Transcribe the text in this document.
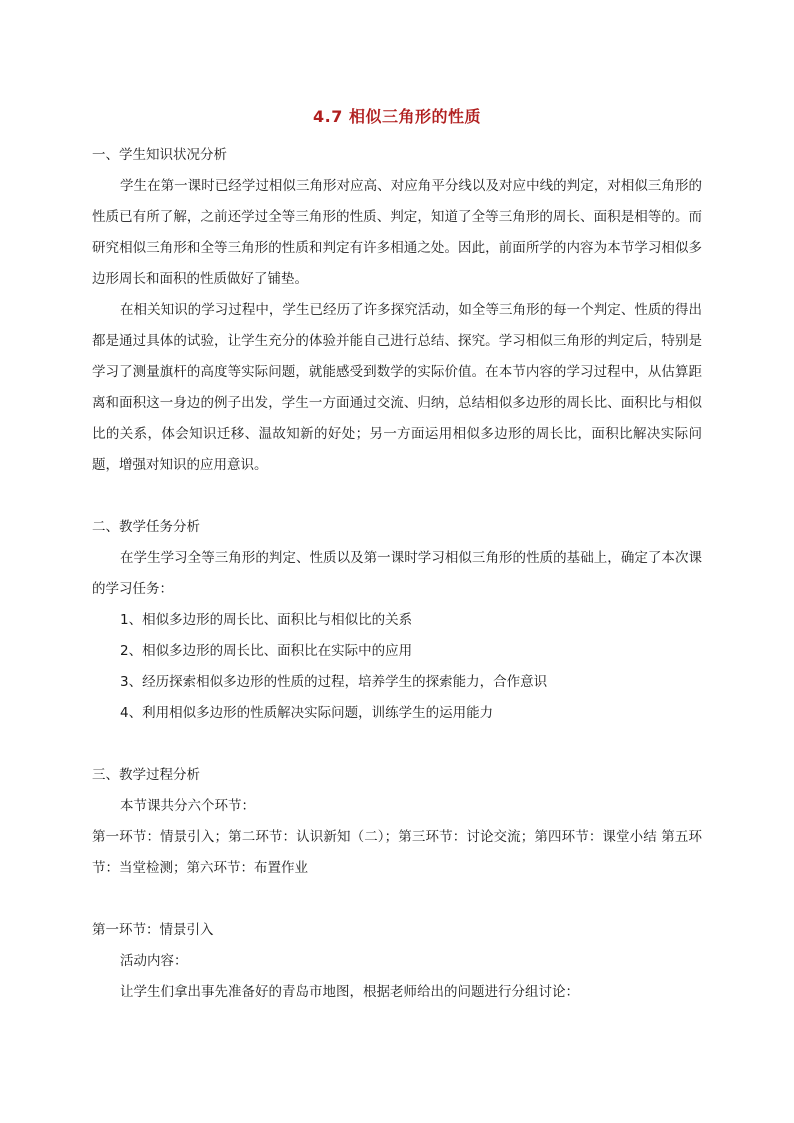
4.7 相似三角形的性质

一、学生知识状况分析

学生在第一课时已经学过相似三角形对应高、对应角平分线以及对应中线的判定，对相似三角形的性质已有所了解，之前还学过全等三角形的性质、判定，知道了全等三角形的周长、面积是相等的。而研究相似三角形和全等三角形的性质和判定有许多相通之处。因此，前面所学的内容为本节学习相似多边形周长和面积的性质做好了铺垫。

在相关知识的学习过程中，学生已经历了许多探究活动，如全等三角形的每一个判定、性质的得出都是通过具体的试验，让学生充分的体验并能自己进行总结、探究。学习相似三角形的判定后，特别是学习了测量旗杆的高度等实际问题，就能感受到数学的实际价值。在本节内容的学习过程中，从估算距离和面积这一身边的例子出发，学生一方面通过交流、归纳，总结相似多边形的周长比、面积比与相似比的关系，体会知识迁移、温故知新的好处；另一方面运用相似多边形的周长比，面积比解决实际问题，增强对知识的应用意识。

二、教学任务分析

在学生学习全等三角形的判定、性质以及第一课时学习相似三角形的性质的基础上，确定了本次课的学习任务：

1、相似多边形的周长比、面积比与相似比的关系

2、相似多边形的周长比、面积比在实际中的应用

3、经历探索相似多边形的性质的过程，培养学生的探索能力，合作意识

4、利用相似多边形的性质解决实际问题，训练学生的运用能力

三、教学过程分析

本节课共分六个环节：

第一环节：情景引入；第二环节：认识新知（二）；第三环节：讨论交流；第四环节：课堂小结 第五环节：当堂检测；第六环节：布置作业

第一环节：情景引入

活动内容：

让学生们拿出事先准备好的青岛市地图，根据老师给出的问题进行分组讨论：
